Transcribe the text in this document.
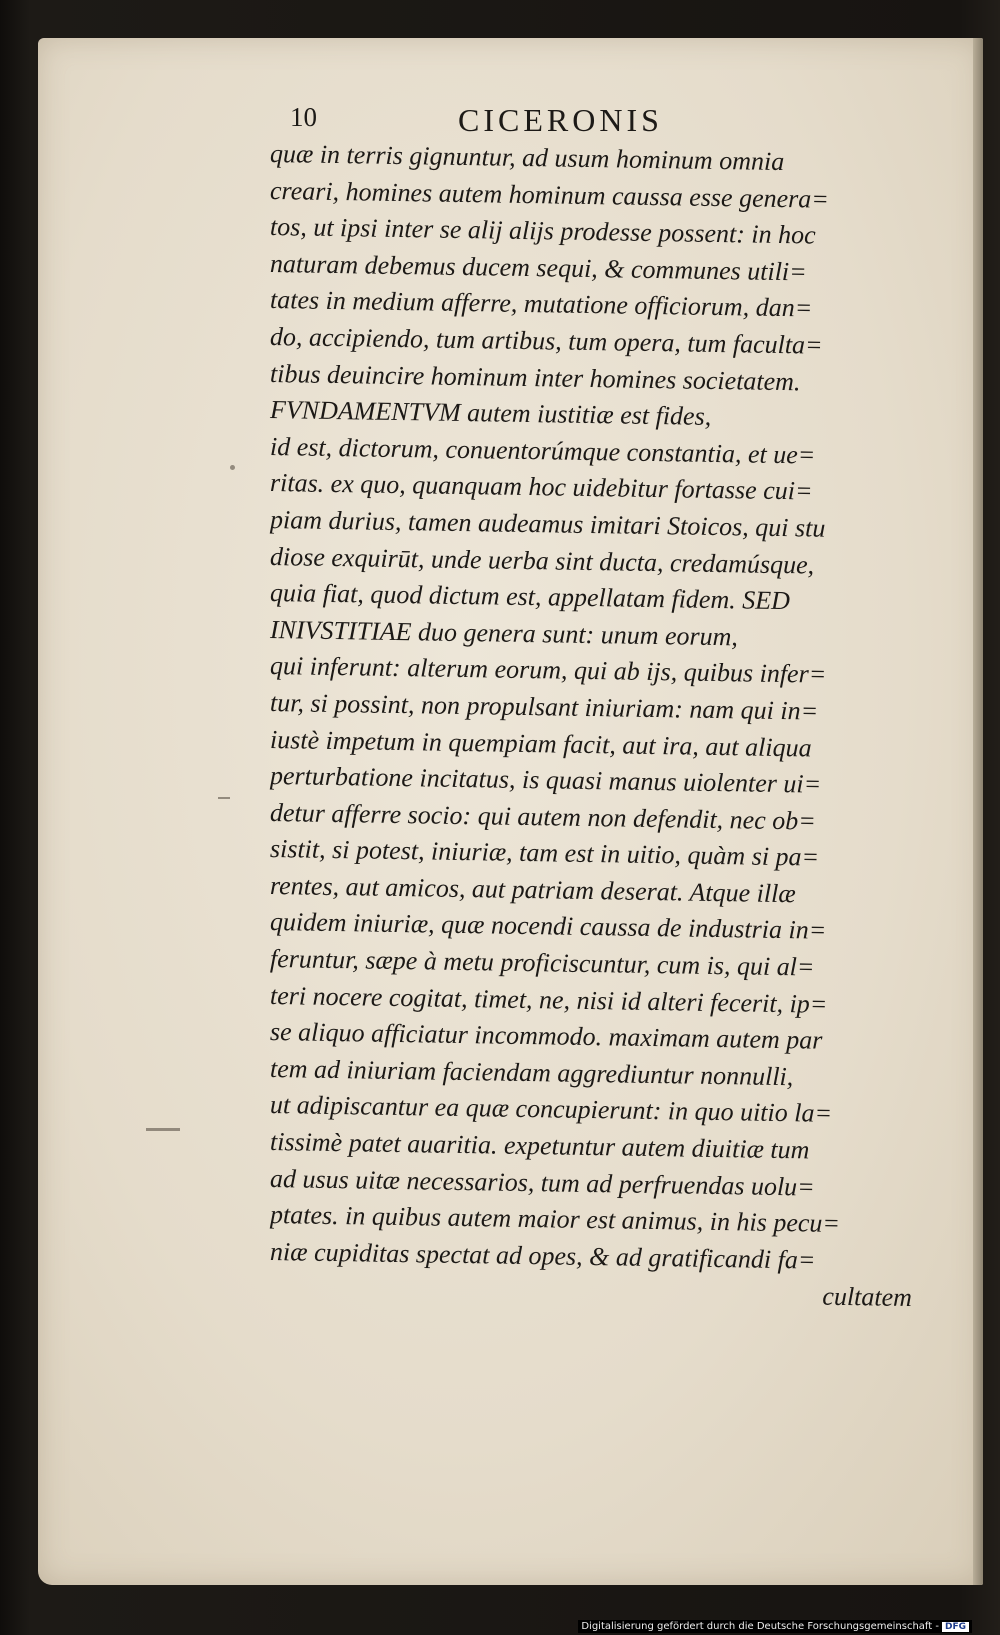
10	CICERONIS
quæ in terris gignuntur, ad usum hominum omnia
creari, homines autem hominum caussa esse genera=
tos, ut ipsi inter se alij alijs prodesse possent: in hoc
naturam debemus ducem sequi, & communes utili=
tates in medium afferre, mutatione officiorum, dan=
do, accipiendo, tum artibus, tum opera, tum faculta=
tibus deuincire hominum inter homines societatem.
FVNDAMENTVM autem iustitiæ est fides,
id est, dictorum, conuentorúmque constantia, et ue=
ritas. ex quo, quanquam hoc uidebitur fortasse cui=
piam durius, tamen audeamus imitari Stoicos, qui stu
diose exquirūt, unde uerba sint ducta, credamúsque,
quia fiat, quod dictum est, appellatam fidem. SED
INIVSTITIAE duo genera sunt: unum eorum,
qui inferunt: alterum eorum, qui ab ijs, quibus infer=
tur, si possint, non propulsant iniuriam: nam qui in=
iustè impetum in quempiam facit, aut ira, aut aliqua
perturbatione incitatus, is quasi manus uiolenter ui=
detur afferre socio: qui autem non defendit, nec ob=
sistit, si potest, iniuriæ, tam est in uitio, quàm si pa=
rentes, aut amicos, aut patriam deserat. Atque illæ
quidem iniuriæ, quæ nocendi caussa de industria in=
feruntur, sæpe à metu proficiscuntur, cum is, qui al=
teri nocere cogitat, timet, ne, nisi id alteri fecerit, ip=
se aliquo afficiatur incommodo. maximam autem par
tem ad iniuriam faciendam aggrediuntur nonnulli,
ut adipiscantur ea quæ concupierunt: in quo uitio la=
tissimè patet auaritia. expetuntur autem diuitiæ tum
ad usus uitæ necessarios, tum ad perfruendas uolu=
ptates. in quibus autem maior est animus, in his pecu=
niæ cupiditas spectat ad opes, & ad gratificandi fa=
cultatem
Digitalisierung gefördert durch die Deutsche Forschungsgemeinschaft - DFG
